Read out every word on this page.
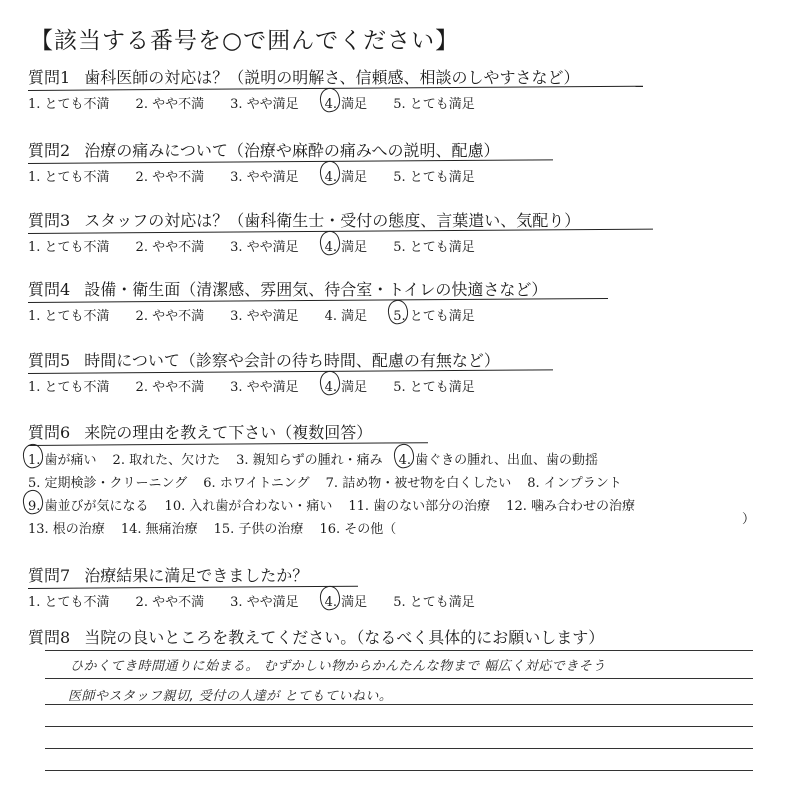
【該当する番号を○で囲んでください】
質問1 歯科医師の対応は？（説明の明解さ、信頼感、相談のしやすさなど）
1. とても不満 2. やや不満 3. やや満足 4. 満足 5. とても満足
質問2 治療の痛みについて（治療や麻酔の痛みへの説明、配慮）
1. とても不満 2. やや不満 3. やや満足 4. 満足 5. とても満足
質問3 スタッフの対応は？（歯科衛生士・受付の態度、言葉遣い、気配り）
1. とても不満 2. やや不満 3. やや満足 4. 満足 5. とても満足
質問4 設備・衛生面（清潔感、雰囲気、待合室・トイレの快適さなど）
1. とても不満 2. やや不満 3. やや満足 4. 満足 5. とても満足
質問5 時間について（診察や会計の待ち時間、配慮の有無など）
1. とても不満 2. やや不満 3. やや満足 4. 満足 5. とても満足
質問6 来院の理由を教えて下さい（複数回答）
1. 歯が痛い 2. 取れた、欠けた 3. 親知らずの腫れ・痛み 4. 歯ぐきの腫れ、出血、歯の動揺
5. 定期検診・クリーニング 6. ホワイトニング 7. 詰め物・被せ物を白くしたい 8. インプラント
9. 歯並びが気になる 10. 入れ歯が合わない・痛い 11. 歯のない部分の治療 12. 噛み合わせの治療
13. 根の治療 14. 無痛治療 15. 子供の治療 16. その他（
）
質問7 治療結果に満足できましたか？
1. とても不満 2. やや不満 3. やや満足 4. 満足 5. とても満足
質問8 当院の良いところを教えてください。（なるべく具体的にお願いします）
ひかくてき時間通りに始まる。 むずかしい物からかんたんな物まで 幅広く対応できそう
医師やスタッフ親切, 受付の人達が とてもていねい。
